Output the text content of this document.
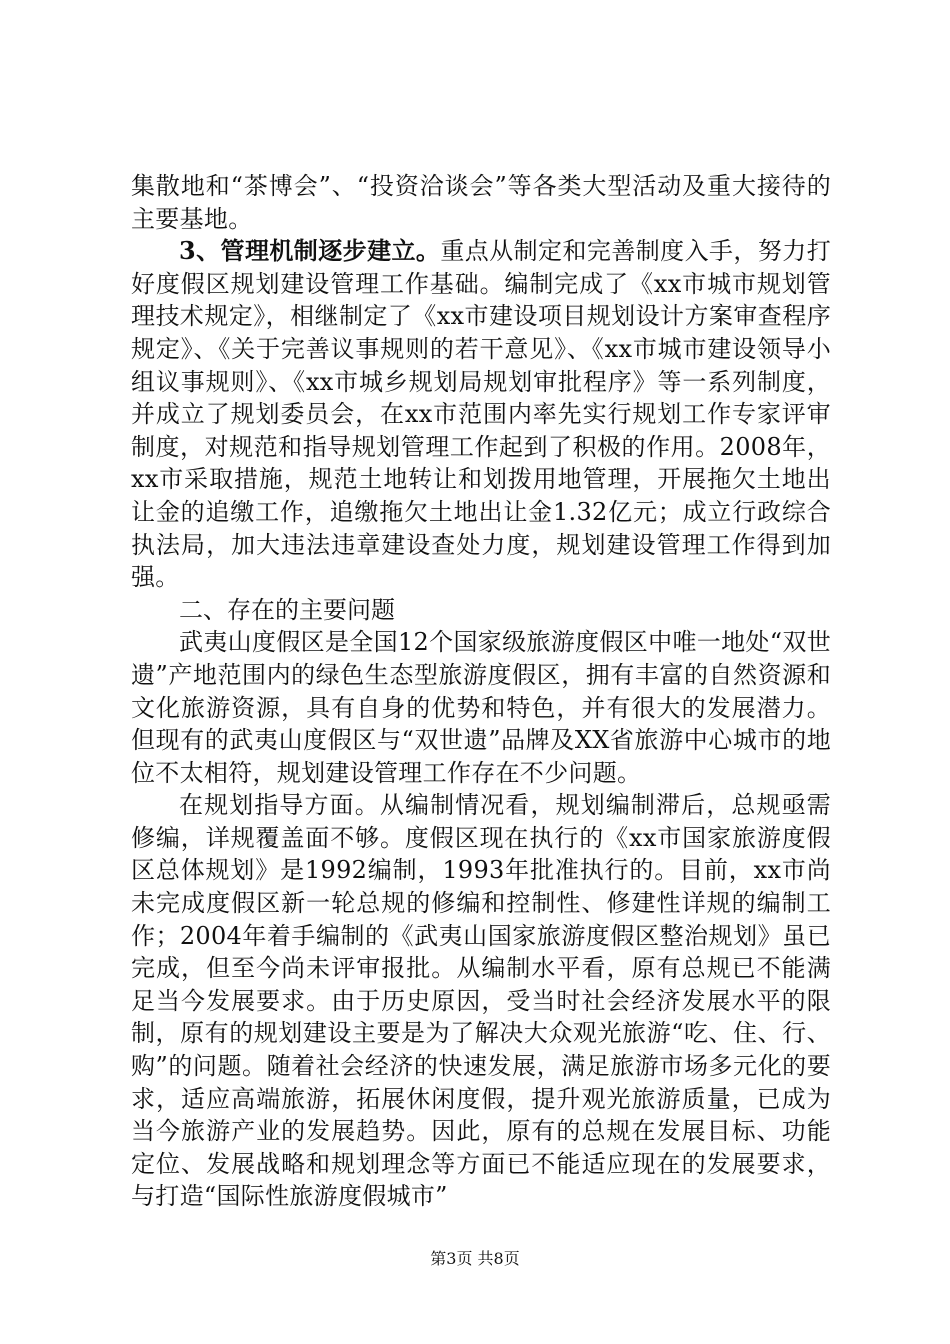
集散地和“茶博会”、“投资洽谈会”等各类大型活动及重大接待的主要基地。

3、管理机制逐步建立。重点从制定和完善制度入手，努力打好度假区规划建设管理工作基础。编制完成了《xx市城市规划管理技术规定》，相继制定了《xx市建设项目规划设计方案审查程序规定》、《关于完善议事规则的若干意见》、《xx市城市建设领导小组议事规则》、《xx市城乡规划局规划审批程序》等一系列制度，并成立了规划委员会，在xx市范围内率先实行规划工作专家评审制度，对规范和指导规划管理工作起到了积极的作用。2008年，xx市采取措施，规范土地转让和划拨用地管理，开展拖欠土地出让金的追缴工作，追缴拖欠土地出让金1.32亿元；成立行政综合执法局，加大违法违章建设查处力度，规划建设管理工作得到加强。

二、存在的主要问题

武夷山度假区是全国12个国家级旅游度假区中唯一地处“双世遗”产地范围内的绿色生态型旅游度假区，拥有丰富的自然资源和文化旅游资源，具有自身的优势和特色，并有很大的发展潜力。但现有的武夷山度假区与“双世遗”品牌及XX省旅游中心城市的地位不太相符，规划建设管理工作存在不少问题。

在规划指导方面。从编制情况看，规划编制滞后，总规亟需修编，详规覆盖面不够。度假区现在执行的《xx市国家旅游度假区总体规划》是1992编制，1993年批准执行的。目前，xx市尚未完成度假区新一轮总规的修编和控制性、修建性详规的编制工作；2004年着手编制的《武夷山国家旅游度假区整治规划》虽已完成，但至今尚未评审报批。从编制水平看，原有总规已不能满足当今发展要求。由于历史原因，受当时社会经济发展水平的限制，原有的规划建设主要是为了解决大众观光旅游“吃、住、行、购”的问题。随着社会经济的快速发展，满足旅游市场多元化的要求，适应高端旅游，拓展休闲度假，提升观光旅游质量，已成为当今旅游产业的发展趋势。因此，原有的总规在发展目标、功能定位、发展战略和规划理念等方面已不能适应现在的发展要求，与打造“国际性旅游度假城市”

第3页 共8页
